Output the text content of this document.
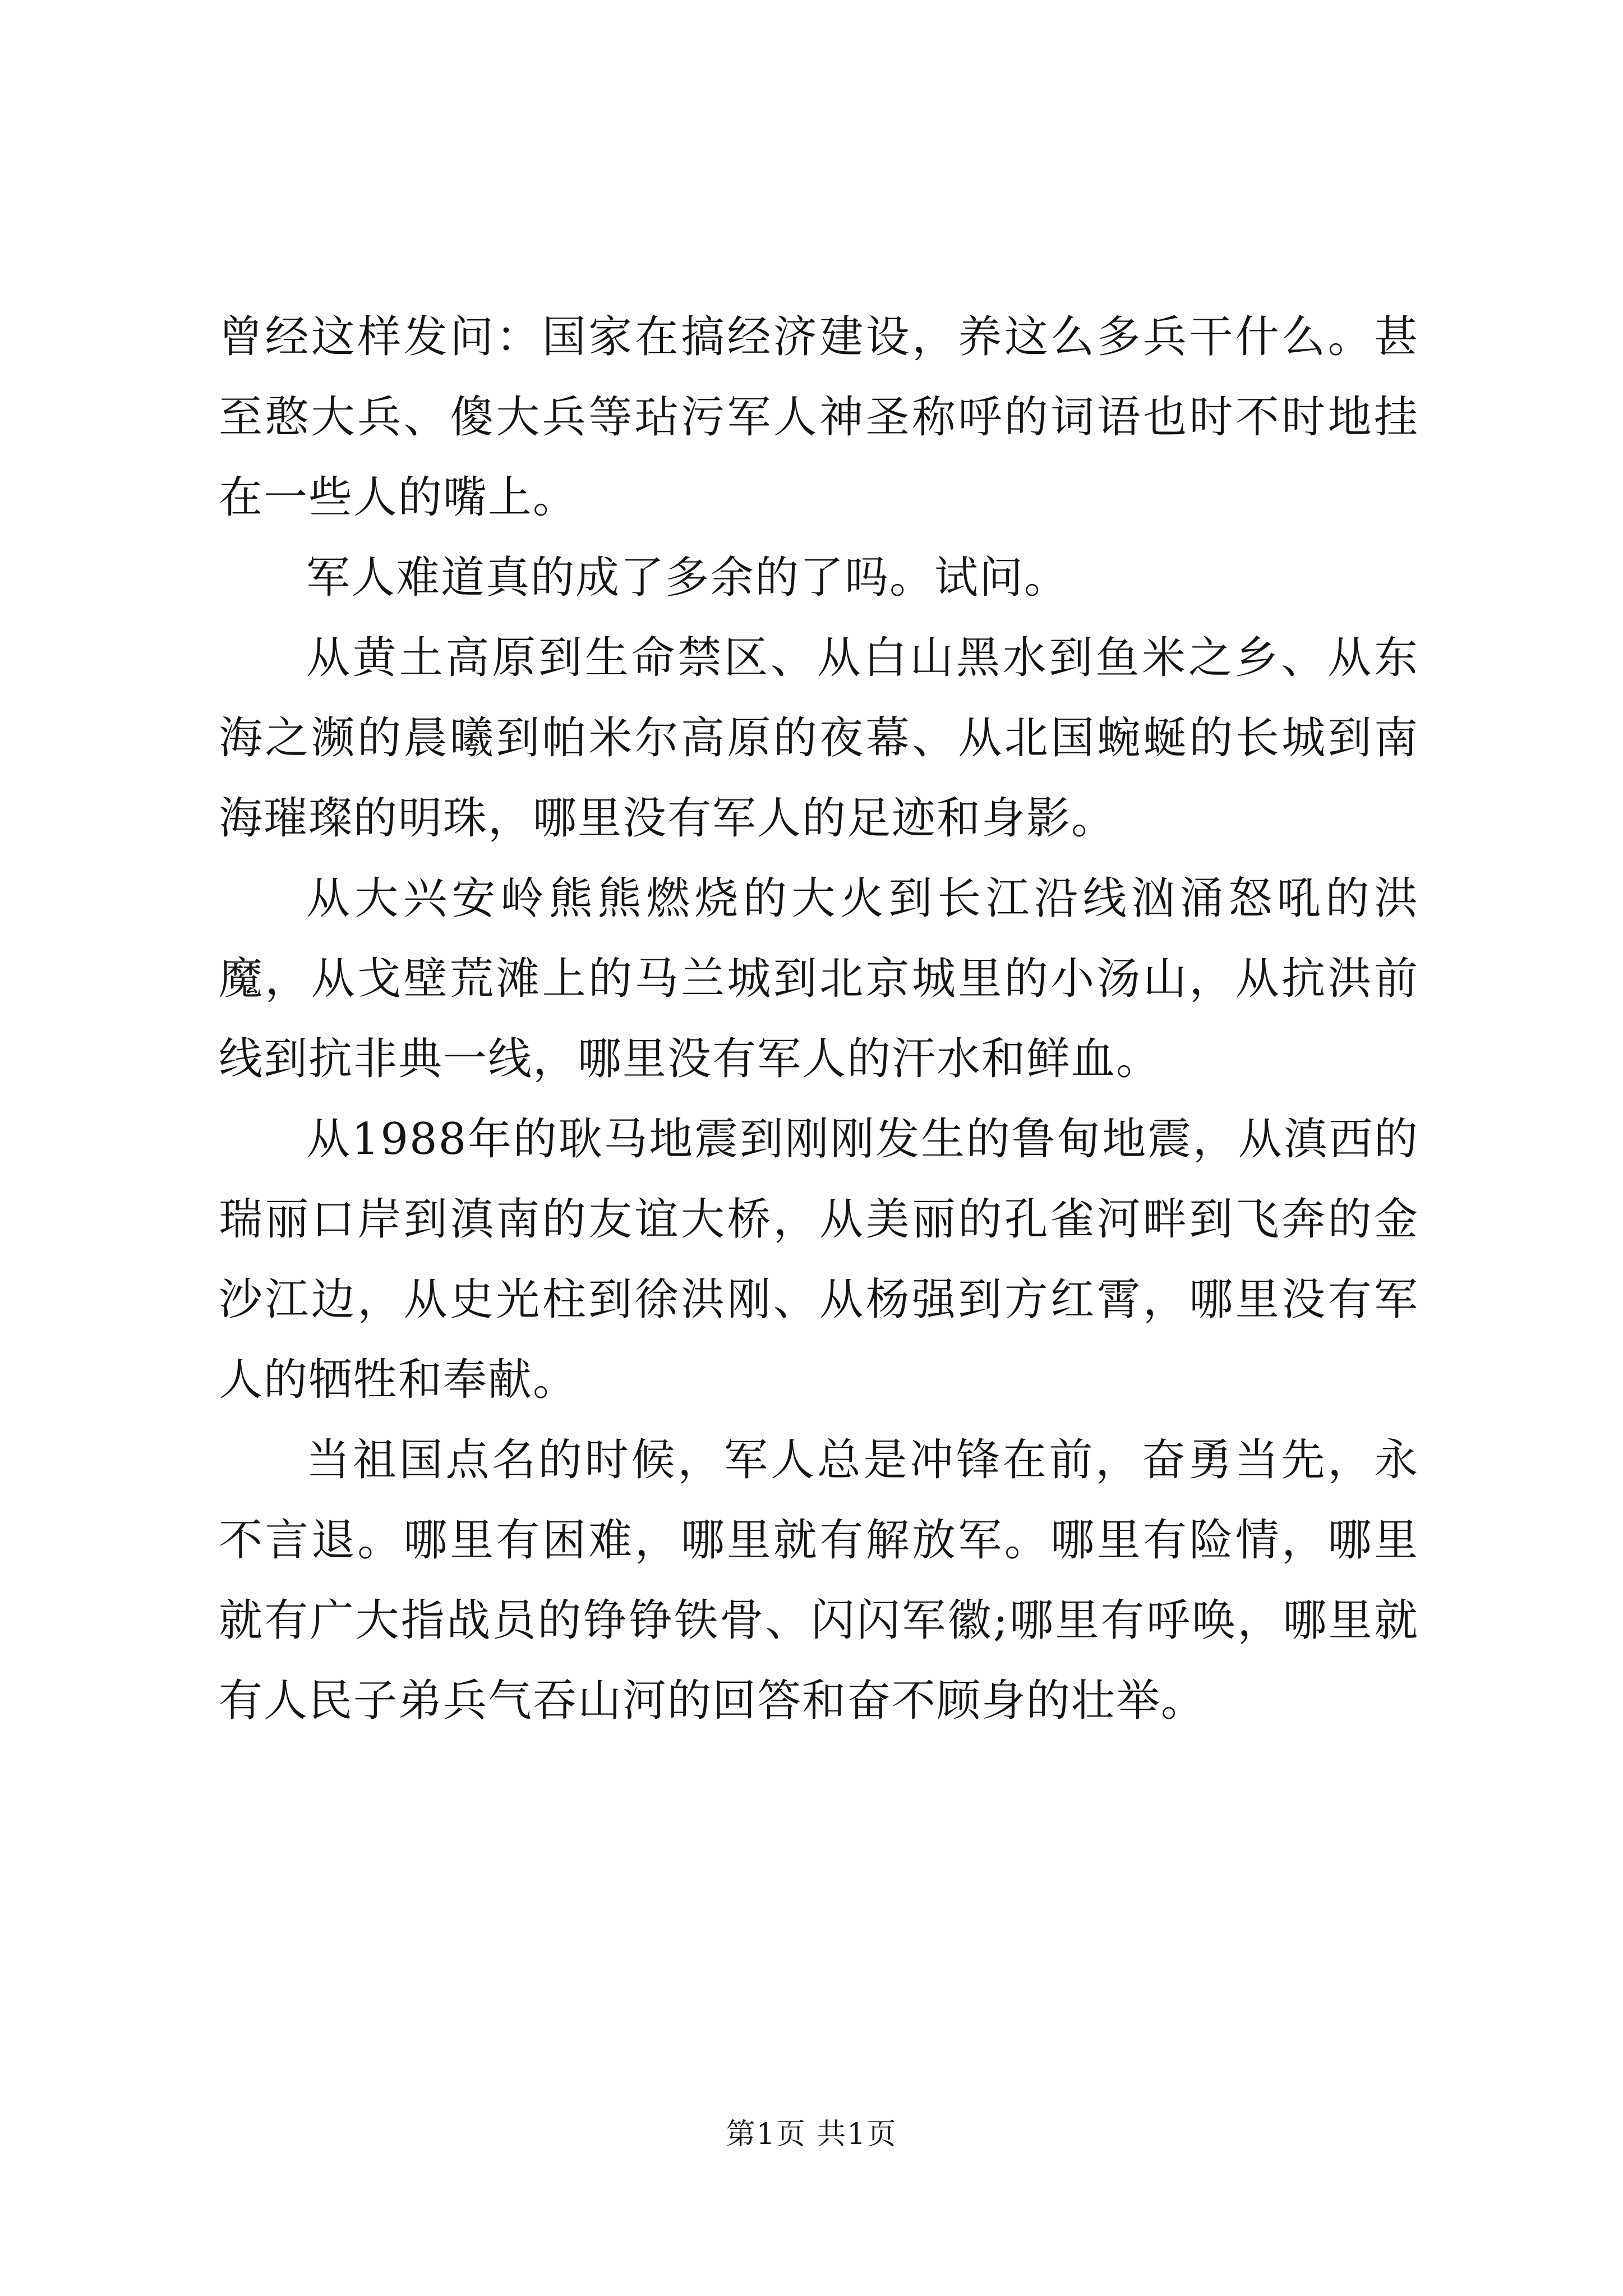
曾经这样发问：国家在搞经济建设，养这么多兵干什么。甚至憨大兵、傻大兵等玷污军人神圣称呼的词语也时不时地挂在一些人的嘴上。

军人难道真的成了多余的了吗。试问。

从黄土高原到生命禁区、从白山黑水到鱼米之乡、从东海之濒的晨曦到帕米尔高原的夜幕、从北国蜿蜒的长城到南海璀璨的明珠，哪里没有军人的足迹和身影。

从大兴安岭熊熊燃烧的大火到长江沿线汹涌怒吼的洪魔，从戈壁荒滩上的马兰城到北京城里的小汤山，从抗洪前线到抗非典一线，哪里没有军人的汗水和鲜血。

从1988年的耿马地震到刚刚发生的鲁甸地震，从滇西的瑞丽口岸到滇南的友谊大桥，从美丽的孔雀河畔到飞奔的金沙江边，从史光柱到徐洪刚、从杨强到方红霄，哪里没有军人的牺牲和奉献。

当祖国点名的时候，军人总是冲锋在前，奋勇当先，永不言退。哪里有困难，哪里就有解放军。哪里有险情，哪里就有广大指战员的铮铮铁骨、闪闪军徽;哪里有呼唤，哪里就有人民子弟兵气吞山河的回答和奋不顾身的壮举。

第1页 共1页
